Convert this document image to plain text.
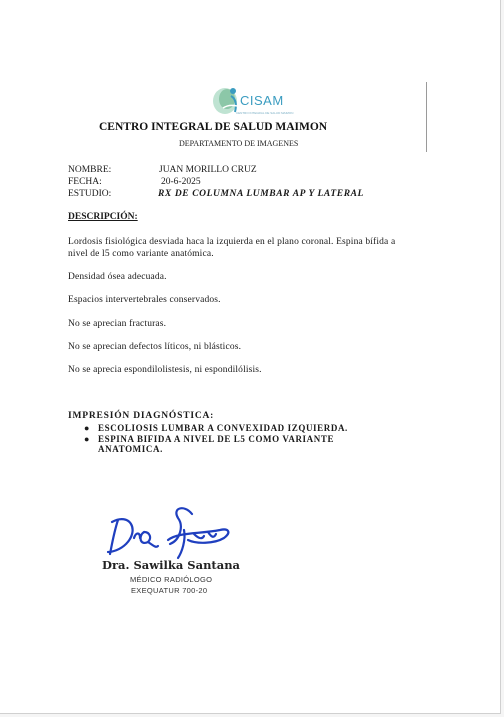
CISAM
CENTRO INTEGRAL DE SALUD MAIMON
CENTRO INTEGRAL DE SALUD MAIMON
DEPARTAMENTO DE IMAGENES
NOMBRE:	JUAN MORILLO CRUZ
FECHA:	20-6-2025
ESTUDIO:	RX DE COLUMNA LUMBAR AP Y LATERAL
DESCRIPCIÓN:
Lordosis fisiológica desviada haca la izquierda en el plano coronal. Espina bífida a nivel de l5 como variante anatómica.
Densidad ósea adecuada.
Espacios intervertebrales conservados.
No se aprecian fracturas.
No se aprecian defectos líticos, ni blásticos.
No se aprecia espondilolistesis, ni espondilólisis.
IMPRESIÓN DIAGNÓSTICA:
● ESCOLIOSIS LUMBAR A CONVEXIDAD IZQUIERDA.
● ESPINA BIFIDA A NIVEL DE L5 COMO VARIANTE ANATOMICA.
Dra. Sawilka Santana
MÉDICO RADIÓLOGO
EXEQUATUR 700-20
